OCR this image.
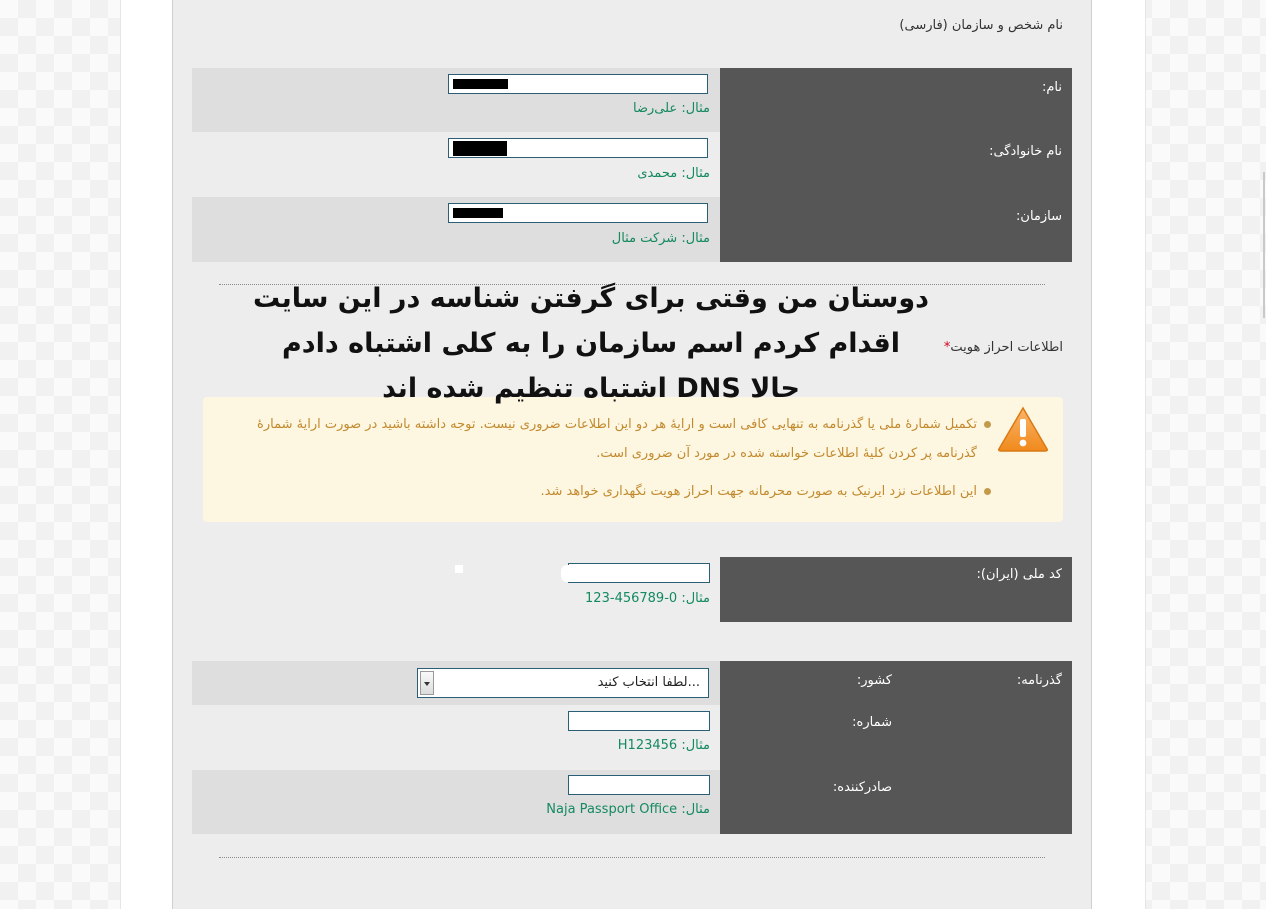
نام شخص و سازمان (فارسی)
نام:
مثال: علی‌رضا
نام خانوادگی:
مثال: محمدی
سازمان:
مثال: شرکت مثال
اطلاعات احراز هویت*
تکمیل شمارهٔ ملی یا گذرنامه به تنهایی کافی است و ارایهٔ هر دو این اطلاعات ضروری نیست. توجه داشته باشید در صورت ارایهٔ شمارهٔ گذرنامه پر کردن کلیهٔ اطلاعات خواسته شده در مورد آن ضروری است.
این اطلاعات نزد ایرنیک به صورت محرمانه جهت احراز هویت نگهداری خواهد شد.
دوستان من وقتی برای گرفتن شناسه در این سایت
اقدام کردم اسم سازمان را به کلی اشتباه دادم
حالا DNS اشتباه تنظیم شده اند
کد ملی (ایران):
مثال: 0-456789-123
گذرنامه:
کشور:
...لطفا انتخاب کنید
شماره:
مثال: H123456
صادرکننده:
مثال: Naja Passport Office
